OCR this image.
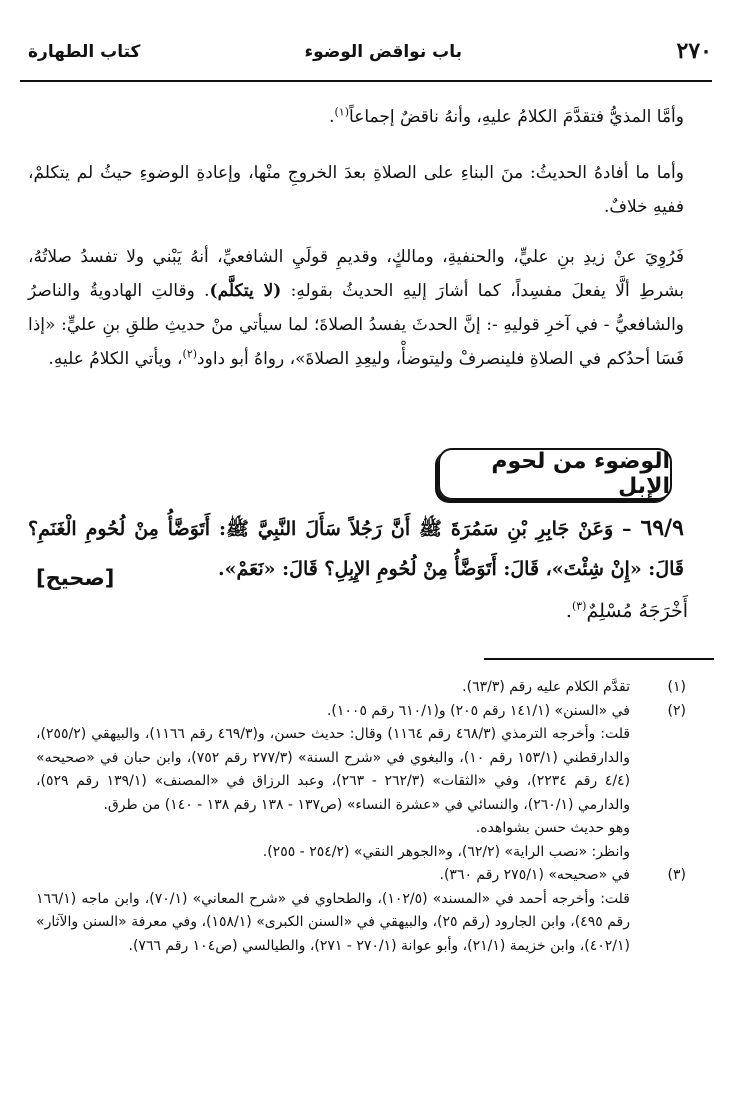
٢٧٠
باب نواقض الوضوء
كتاب الطهارة

وأمَّا المذيُّ فتقدَّمَ الكلامُ عليهِ، وأنهُ ناقضٌ إجماعاً$^{(١)}$.

وأما ما أفادهُ الحديثُ: منَ البناءِ على الصلاةِ بعدَ الخروجِ منْها، وإعادةِ الوضوءِ حيثُ لم يتكلمْ، ففيهِ خلافٌ.

فَرُوِيَ عنْ زيدِ بنِ عليٍّ، والحنفيةِ، ومالكٍ، وقديمِ قولَيِ الشافعيِّ، أنهُ يَبْني ولا تفسدُ صلاتُهُ، بشرطِ ألَّا يفعلَ مفسِداً، كما أشارَ إليهِ الحديثُ بقولهِ: (لا يتكلَّم). وقالتِ الهادويةُ والناصرُ والشافعيُّ - في آخرِ قوليهِ -: إنَّ الحدثَ يفسدُ الصلاةَ؛ لما سيأتي منْ حديثِ طلقِ بنِ عليٍّ: «إذا فَسَا أحدُكم في الصلاةِ فلينصرفْ وليتوضأْ، وليعِدِ الصلاةَ»، رواهُ أبو داود$^{(٢)}$، ويأتي الكلامُ عليهِ.

الوضوء من لحوم الإبل
٦٩/٩ – وَعَنْ جَابِرِ بْنِ سَمُرَةَ ﷺ أَنَّ رَجُلاً سَأَلَ النَّبِيَّ ﷺ: أَتَوَضَّأُ مِنْ لُحُومِ الْغَنَمِ؟ قَالَ: «إِنْ شِئْتَ»، قَالَ: أَتَوَضَّأُ مِنْ لُحُومِ الإِبِلِ؟ قَالَ: «نَعَمْ».
[صحيح]
أَخْرَجَهُ مُسْلِمٌ$^{(٣)}$.
(١)
تقدَّم الكلام عليه رقم (٦٣/٣).
(٢)
في «السنن» (١٤١/١ رقم ٢٠٥) و(٦١٠/١ رقم ١٠٠٥).
قلت: وأخرجه الترمذي (٤٦٨/٣ رقم ١١٦٤) وقال: حديث حسن، و(٤٦٩/٣ رقم ١١٦٦)، والبيهقي (٢٥٥/٢)، والدارقطني (١٥٣/١ رقم ١٠)، والبغوي في «شرح السنة» (٢٧٧/٣ رقم ٧٥٢)، وابن حبان في «صحيحه» (٤/٤ رقم ٢٢٣٤)، وفي «الثقات» (٢٦٢/٣ - ٢٦٣)، وعبد الرزاق في «المصنف» (١٣٩/١ رقم ٥٢٩)، والدارمي (٢٦٠/١)، والنسائي في «عشرة النساء» (ص١٣٧ - ١٣٨ رقم ١٣٨ - ١٤٠) من طرق.
وهو حديث حسن بشواهده.
وانظر: «نصب الراية» (٦٢/٢)، و«الجوهر النقي» (٢٥٤/٢ - ٢٥٥).
(٣)
في «صحيحه» (٢٧٥/١ رقم ٣٦٠).
قلت: وأخرجه أحمد في «المسند» (١٠٢/٥)، والطحاوي في «شرح المعاني» (٧٠/١)، وابن ماجه (١٦٦/١ رقم ٤٩٥)، وابن الجارود (رقم ٢٥)، والبيهقي في «السنن الكبرى» (١٥٨/١)، وفي معرفة «السنن والآثار» (٤٠٢/١)، وابن خزيمة (٢١/١)، وأبو عوانة (٢٧٠/١ - ٢٧١)، والطيالسي (ص١٠٤ رقم ٧٦٦).
